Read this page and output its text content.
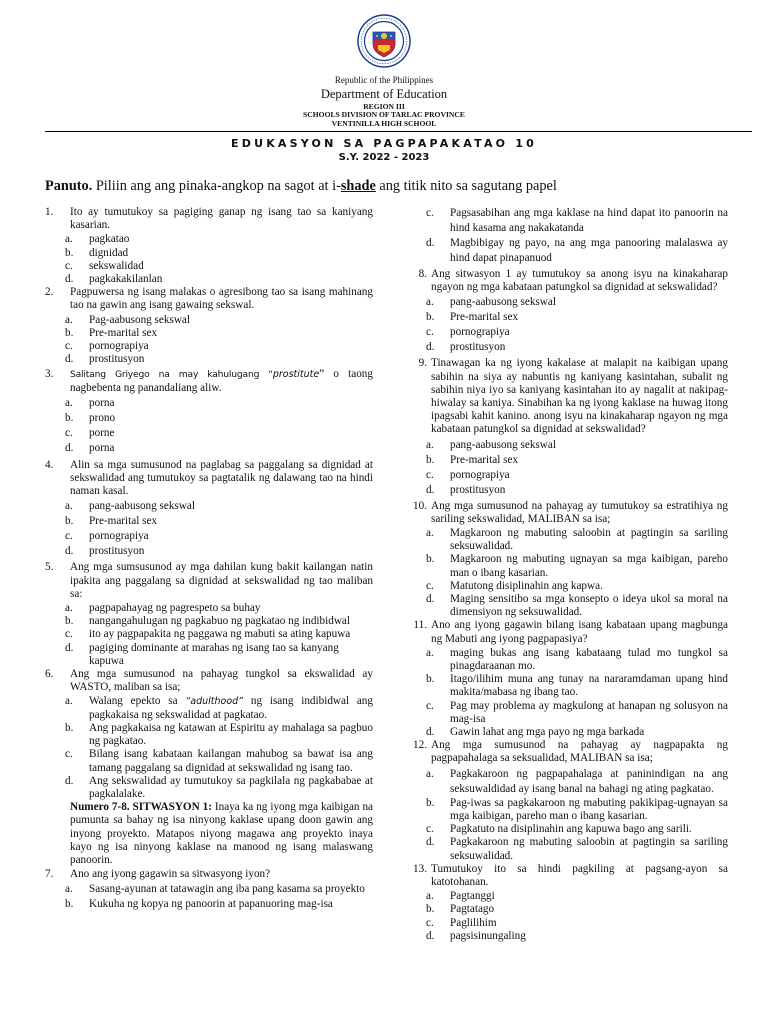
Republic of the Philippines
Department of Education
REGION III
SCHOOLS DIVISION OF TARLAC PROVINCE
VENTINILLA HIGH SCHOOL
EDUKASYON SA PAGPAPAKATAO 10
S.Y. 2022 - 2023
Panuto. Piliin ang ang pinaka-angkop na sagot at i-shade ang titik nito sa sagutang papel
1. Ito ay tumutukoy sa pagiging ganap ng isang tao sa kaniyang kasarian.
a. pagkatao
b. dignidad
c. sekswalidad
d. pagkakakilanlan
2. Pagpuwersa ng isang malakas o agresibong tao sa isang mahinang tao na gawin ang isang gawaing sekswal.
a. Pag-aabusong sekswal
b. Pre-marital sex
c. pornograpiya
d. prostitusyon
3. Salitang Griyego na may kahulugang “prostitute” o taong nagbebenta ng panandaliang aliw.
a. porna
b. prono
c. porne
d. porna
4. Alin sa mga sumusunod na paglabag sa paggalang sa dignidad at sekswalidad ang tumutukoy sa pagtatalik ng dalawang tao na hindi naman kasal.
a. pang-aabusong sekswal
b. Pre-marital sex
c. pornograpiya
d. prostitusyon
5. Ang mga sumsusunod ay mga dahilan kung bakit kailangan natin ipakita ang paggalang sa dignidad at sekswalidad ng tao maliban sa:
a. pagpapahayag ng pagrespeto sa buhay
b. nangangahulugan ng pagkabuo ng pagkatao ng indibidwal
c. ito ay pagpapakita ng paggawa ng mabuti sa ating kapuwa
d. pagiging dominante at marahas ng isang tao sa kanyang
kapuwa
6. Ang mga sumusunod na pahayag tungkol sa ekswalidad ay WASTO, maliban sa isa;
a. Walang epekto sa “adulthood” ng isang indibidwal ang pagkakaisa ng sekswalidad at pagkatao.
b. Ang pagkakaisa ng katawan at Espiritu ay mahalaga sa pagbuo ng pagkatao.
c. Bilang isang kabataan kailangan mahubog sa bawat isa ang tamang paggalang sa dignidad at sekswalidad ng isang tao.
d. Ang sekswalidad ay tumutukoy sa pagkilala ng pagkababae at pagkalalake.
Numero 7-8. SITWASYON 1: Inaya ka ng iyong mga kaibigan na pumunta sa bahay ng isa ninyong kaklase upang doon gawin ang inyong proyekto. Matapos niyong magawa ang proyekto inaya kayo ng isa ninyong kaklase na manood ng isang malaswang panoorin.
7. Ano ang iyong gagawin sa sitwasyong iyon?
a. Sasang-ayunan at tatawagin ang iba pang kasama sa proyekto
b. Kukuha ng kopya ng panoorin at papanuoring mag-isa
c. Pagsasabihan ang mga kaklase na hind dapat ito panoorin na hind kasama ang nakakatanda
d. Magbibigay ng payo, na ang mga panooring malalaswa ay hind dapat pinapanuod
8. Ang sitwasyon 1 ay tumutukoy sa anong isyu na kinakaharap ngayon ng mga kabataan patungkol sa dignidad at sekswalidad?
a. pang-aabusong sekswal
b. Pre-marital sex
c. pornograpiya
d. prostitusyon
9. Tinawagan ka ng iyong kakalase at malapit na kaibigan upang sabihin na siya ay nabuntis ng kaniyang kasintahan, subalit ng sabihin niya iyo sa kaniyang kasintahan ito ay nagalit at nakipag- hiwalay sa kaniya. Sinabihan ka ng iyong kaklase na huwag itong ipagsabi kahit kanino. anong isyu na kinakaharap ngayon ng mga kabataan patungkol sa dignidad at sekswalidad?
a. pang-aabusong sekswal
b. Pre-marital sex
c. pornograpiya
d. prostitusyon
10. Ang mga sumusunod na pahayag ay tumutukoy sa estratihiya ng sariling sekswalidad, MALIBAN sa isa;
a. Magkaroon ng mabuting saloobin at pagtingin sa sariling seksuwalidad.
b. Magkaroon ng mabuting ugnayan sa mga kaibigan, pareho man o ibang kasarian.
c. Matutong disiplinahin ang kapwa.
d. Maging sensitibo sa mga konsepto o ideya ukol sa moral na dimensiyon ng seksuwalidad.
11. Ano ang iyong gagawin bilang isang kabataan upang magbunga ng Mabuti ang iyong pagpapasiya?
a. maging bukas ang isang kabataang tulad mo tungkol sa pinagdaraanan mo.
b. Itago/ilihim muna ang tunay na nararamdaman upang hind makita/mabasa ng ibang tao.
c. Pag may problema ay magkulong at hanapan ng solusyon na mag-isa
d. Gawin lahat ang mga payo ng mga barkada
12. Ang mga sumusunod na pahayag ay nagpapakta ng pagpapahalaga sa seksualidad, MALIBAN sa isa;
a. Pagkakaroon ng pagpapahalaga at paninindigan na ang seksuwaldidad ay isang banal na bahagi ng ating pagkatao.
b. Pag-iwas sa pagkakaroon ng mabuting pakikipag-ugnayan sa mga kaibigan, pareho man o ibang kasarian.
c. Pagkatuto na disiplinahin ang kapuwa bago ang sarili.
d. Pagkakaroon ng mabuting saloobin at pagtingin sa sariling seksuwalidad.
13. Tumutukoy ito sa hindi pagkiling at pagsang-ayon sa katotohanan.
a. Pagtanggi
b. Pagtatago
c. Paglilihim
d. pagsisinungaling
